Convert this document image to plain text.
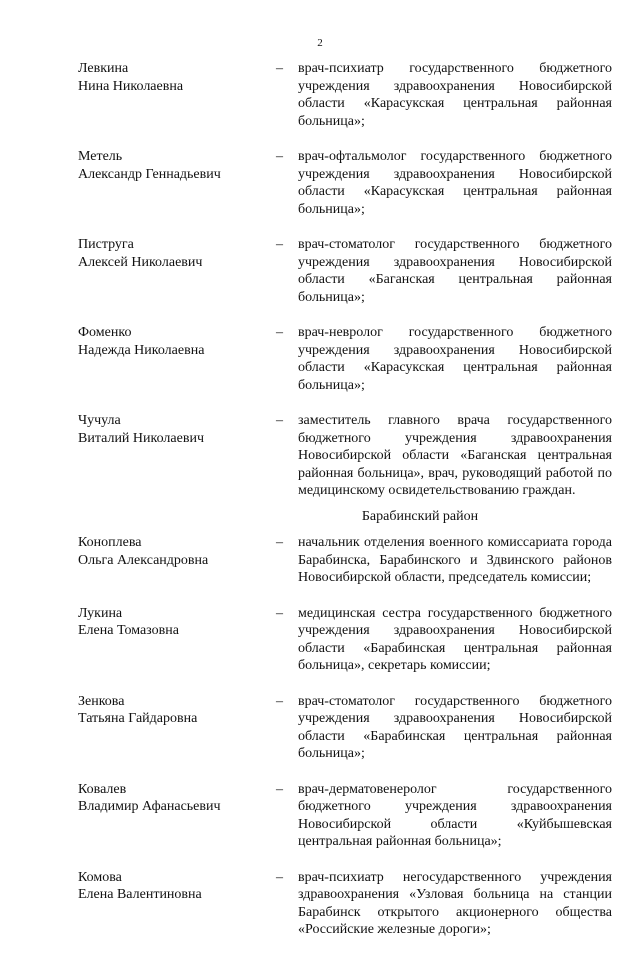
2
Левкина
Нина Николаевна
–	врач-психиатр государственного бюджетного учреждения здравоохранения Новосибирской области «Карасукская центральная районная больница»;
Метель
Александр Геннадьевич
–	врач-офтальмолог государственного бюджетного учреждения здравоохранения Новосибирской области «Карасукская центральная районная больница»;
Пиструга
Алексей Николаевич
–	врач-стоматолог государственного бюджетного учреждения здравоохранения Новосибирской области «Баганская центральная районная больница»;
Фоменко
Надежда Николаевна
–	врач-невролог государственного бюджетного учреждения здравоохранения Новосибирской области «Карасукская центральная районная больница»;
Чучула
Виталий Николаевич
–	заместитель главного врача государственного бюджетного учреждения здравоохранения Новосибирской области «Баганская центральная районная больница», врач, руководящий работой по медицинскому освидетельствованию граждан.
Барабинский район
Коноплева
Ольга Александровна
–	начальник отделения военного комиссариата города Барабинска, Барабинского и Здвинского районов Новосибирской области, председатель комиссии;
Лукина
Елена Томазовна
–	медицинская сестра государственного бюджетного учреждения здравоохранения Новосибирской области «Барабинская центральная районная больница», секретарь комиссии;
Зенкова
Татьяна Гайдаровна
–	врач-стоматолог государственного бюджетного учреждения здравоохранения Новосибирской области «Барабинская центральная районная больница»;
Ковалев
Владимир Афанасьевич
–	врач-дерматовенеролог государственного бюджетного учреждения здравоохранения Новосибирской области «Куйбышевская центральная районная больница»;
Комова
Елена Валентиновна
–	врач-психиатр негосударственного учреждения здравоохранения «Узловая больница на станции Барабинск открытого акционерного общества «Российские железные дороги»;
